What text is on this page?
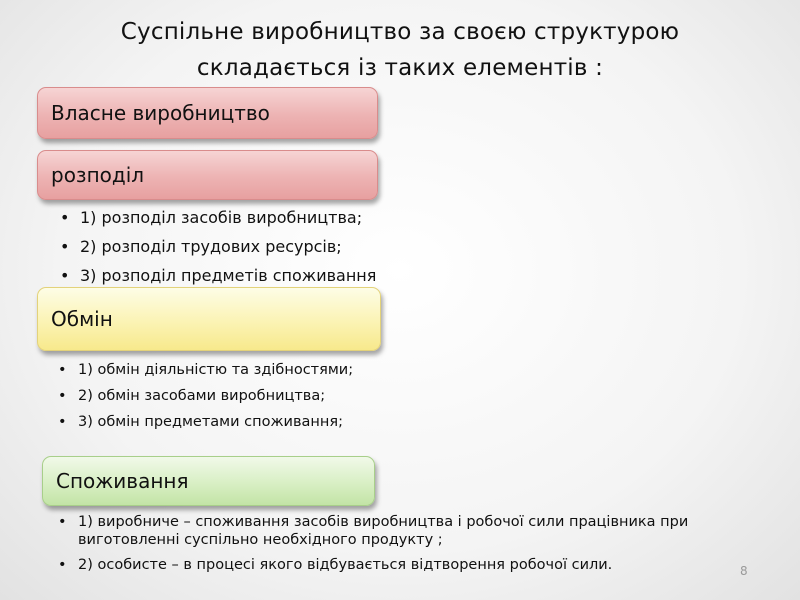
Суспільне виробництво за своєю структурою
складається із таких елементів :
Власне виробництво
розподіл
• 1) розподіл засобів виробництва;
• 2) розподіл трудових ресурсів;
• 3) розподіл предметів споживання
Обмін
• 1) обмін діяльністю та здібностями;
• 2) обмін засобами виробництва;
• 3) обмін предметами споживання;
Споживання
• 1) виробниче – споживання засобів виробництва і робочої сили працівника при виготовленні суспільно необхідного продукту ;
• 2) особисте – в процесі якого відбувається відтворення робочої сили.	8
